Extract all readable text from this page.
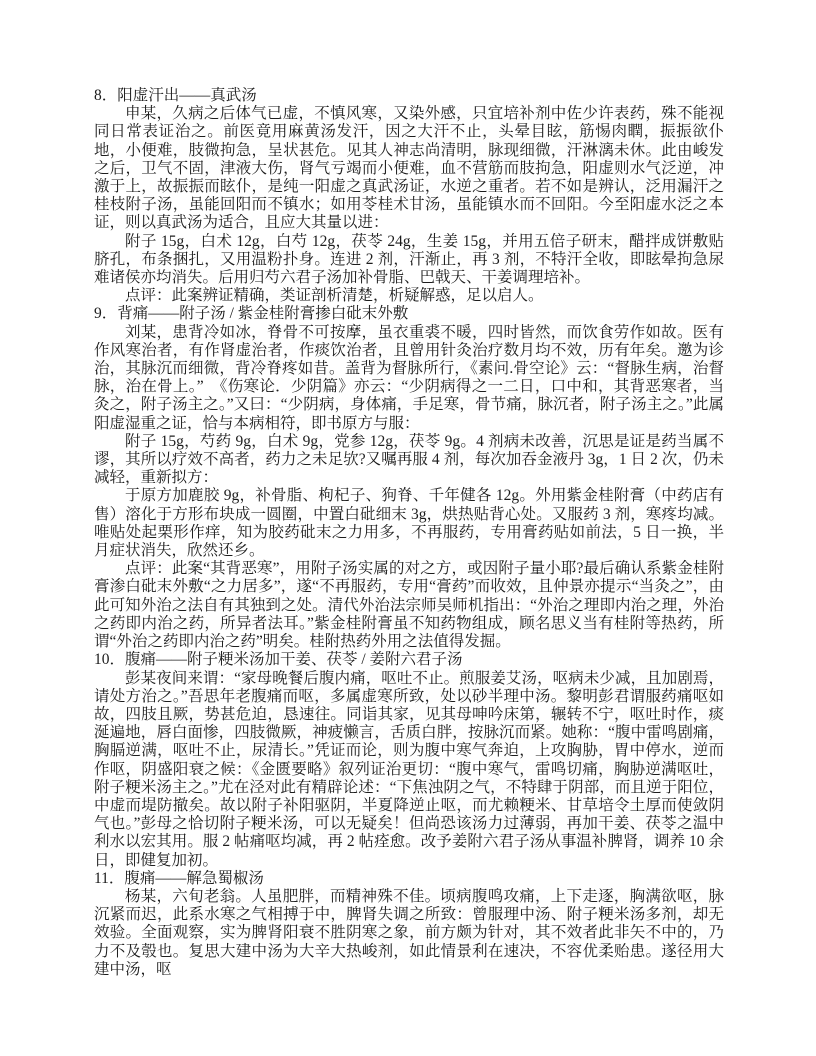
8．阳虚汗出——真武汤

申某，久病之后体气已虚，不慎风寒，又染外感，只宜培补剂中佐少许表药，殊不能视同日常表证治之。前医竟用麻黄汤发汗，因之大汗不止，头晕目眩，筋惕肉瞤，振振欲仆地，小便难，肢微拘急，呈状甚危。见其人神志尚清明，脉现细微，汗淋漓未休。此由峻发之后，卫气不固，津液大伤，肾气亏竭而小便难，血不营筋而肢拘急，阳虚则水气泛逆，冲激于上，故振振而眩仆，是纯一阳虚之真武汤证，水逆之重者。若不如是辨认，泛用漏汗之桂枝附子汤，虽能回阳而不镇水；如用苓桂术甘汤，虽能镇水而不回阳。今至阳虚水泛之本证，则以真武汤为适合，且应大其量以进：

附子 15g，白术 12g，白芍 12g，茯苓 24g，生姜 15g，并用五倍子研末，醋拌成饼敷贴脐孔，布条捆扎，又用温粉扑身。连进 2 剂，汗渐止，再 3 剂，不特汗全收，即眩晕拘急尿难诸侯亦均消失。后用归芍六君子汤加补骨脂、巴戟天、干姜调理培补。

点评：此案辨证精确，类证剖析清楚，析疑解惑，足以启人。

9．背痛——附子汤 / 紫金桂附膏掺白砒末外敷

刘某，患背冷如冰，脊骨不可按摩，虽衣重裘不暖，四时皆然，而饮食劳作如故。医有作风寒治者，有作肾虚治者，作痰饮治者，且曾用针灸治疗数月均不效，历有年矣。邀为诊治，其脉沉而细微，背冷脊疼如昔。盖背为督脉所行，《素问.骨空论》云：“督脉生病，治督脉，治在骨上。”　《伤寒论．少阴篇》亦云：“少阴病得之一二日，口中和，其背恶寒者，当灸之，附子汤主之。”又曰：“少阴病，身体痛，手足寒，骨节痛，脉沉者，附子汤主之。”此属阳虚湿重之证，恰与本病相符，即书原方与服：

附子 15g，芍药 9g，白术 9g，党参 12g，茯苓 9g。4 剂病未改善，沉思是证是药当属不谬，其所以疗效不高者，药力之未足欤?又嘱再服 4 剂，每次加吞金液丹 3g，1 日 2 次，仍未减轻，重新拟方：

于原方加鹿胶 9g，补骨脂、枸杞子、狗脊、千年健各 12g。外用紫金桂附膏（中药店有售）溶化于方形布块成一圆圈，中置白砒细末 3g，烘热贴背心处。又服药 3 剂，寒疼均减。唯贴处起栗形作痒，知为胶药砒末之力用多，不再服药，专用膏药贴如前法，5 日一换，半月症状消失，欣然还乡。

点评：此案“其背恶寒”，用附子汤实属的对之方，或因附子量小耶?最后确认系紫金桂附膏渗白砒末外敷“之力居多”，遂“不再服药，专用“膏药”而收效，且仲景亦提示“当灸之”，由此可知外治之法自有其独到之处。清代外治法宗师吴师机指出：“外治之理即内治之理，外治之药即内治之药，所异者法耳。”紫金桂附膏虽不知药物组成，顾名思义当有桂附等热药，所谓“外治之药即内治之药”明矣。桂附热药外用之法值得发掘。

10．腹痛——附子粳米汤加干姜、茯苓 / 姜附六君子汤

彭某夜间来谓：“家母晚餐后腹内痛，呕吐不止。煎服姜艾汤，呕病未少减，且加剧焉，请处方治之。”吾思年老腹痛而呕，多属虚寒所致，处以砂半理中汤。黎明彭君谓服药痛呕如故，四肢且厥，势甚危迫，恳速往。同诣其家，见其母呻吟床第，辗转不宁，呕吐时作，痰涎遍地，唇白面惨，四肢微厥，神疲懒言，舌质白胖，按脉沉而紧。她称：“腹中雷鸣剧痛，胸膈逆满，呕吐不止，尿清长。”凭证而论，则为腹中寒气奔迫，上攻胸胁，胃中停水，逆而作呕，阴盛阳衰之候：《金匮要略》叙列证治更切：“腹中寒气，雷鸣切痛，胸胁逆满呕吐，附子粳米汤主之。”尤在泾对此有精辟论述：“下焦浊阴之气，不特肆于阴部，而且逆于阳位，中虚而堤防撤矣。故以附子补阳驱阴，半夏降逆止呕，而尤赖粳米、甘草培令土厚而使敛阴气也。”彭母之恰切附子粳米汤，可以无疑矣！但尚恐该汤力过薄弱，再加干姜、茯苓之温中利水以宏其用。服 2 帖痛呕均减，再 2 帖痊愈。改予姜附六君子汤从事温补脾肾，调养 10 余日，即健复加初。

11．腹痛——解急蜀椒汤

杨某，六旬老翁。人虽肥胖，而精神殊不佳。顷病腹鸣攻痛，上下走逐，胸满欲呕，脉沉紧而迟，此系水寒之气相搏于中，脾肾失调之所致：曾服理中汤、附子粳米汤多剂，却无效验。全面观察，实为脾肾阳衰不胜阴寒之象，前方颇为针对，其不效者此非矢不中的，乃力不及彀也。复思大建中汤为大辛大热峻剂，如此情景利在速决，不容优柔贻患。遂径用大建中汤，呕
